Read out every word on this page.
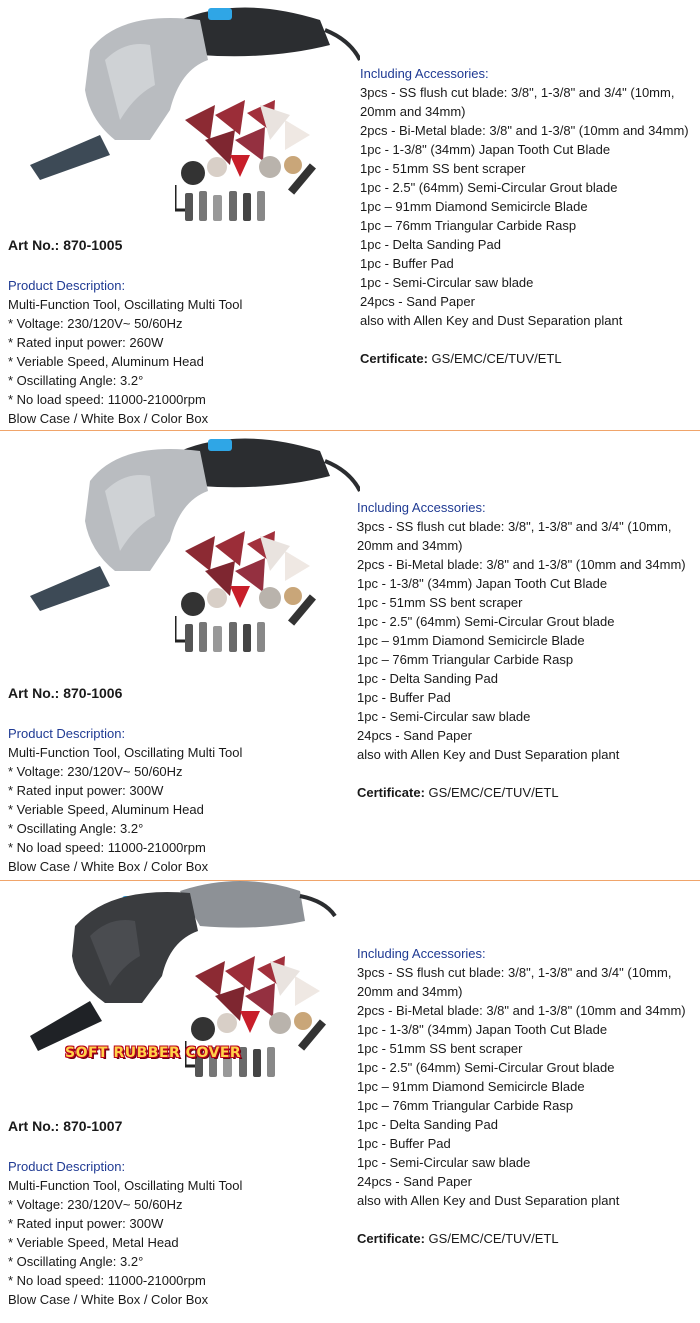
Art No.: 870-1005

Product Description:
Multi-Function Tool, Oscillating Multi Tool
* Voltage: 230/120V~ 50/60Hz
* Rated input power: 260W
* Veriable Speed, Aluminum Head
* Oscillating Angle: 3.2°
* No load speed: 11000-21000rpm
Blow Case / White Box / Color Box
Including Accessories:
3pcs - SS flush cut blade: 3/8", 1-3/8" and 3/4" (10mm, 20mm and 34mm)
2pcs - Bi-Metal blade: 3/8" and 1-3/8" (10mm and 34mm)
1pc - 1-3/8" (34mm) Japan Tooth Cut Blade
1pc - 51mm SS bent scraper
1pc - 2.5" (64mm) Semi-Circular Grout blade
1pc – 91mm Diamond Semicircle Blade
1pc – 76mm Triangular Carbide Rasp
1pc - Delta Sanding Pad
1pc - Buffer Pad
1pc - Semi-Circular saw blade
24pcs - Sand Paper
also with Allen Key and Dust Separation plant
Certificate: GS/EMC/CE/TUV/ETL

Art No.: 870-1006

Product Description:
Multi-Function Tool, Oscillating Multi Tool
* Voltage: 230/120V~ 50/60Hz
* Rated input power: 300W
* Veriable Speed, Aluminum Head
* Oscillating Angle: 3.2°
* No load speed: 11000-21000rpm
Blow Case / White Box / Color Box
Including Accessories:
3pcs - SS flush cut blade: 3/8", 1-3/8" and 3/4" (10mm, 20mm and 34mm)
2pcs - Bi-Metal blade: 3/8" and 1-3/8" (10mm and 34mm)
1pc - 1-3/8" (34mm) Japan Tooth Cut Blade
1pc - 51mm SS bent scraper
1pc - 2.5" (64mm) Semi-Circular Grout blade
1pc – 91mm Diamond Semicircle Blade
1pc – 76mm Triangular Carbide Rasp
1pc - Delta Sanding Pad
1pc - Buffer Pad
1pc - Semi-Circular saw blade
24pcs - Sand Paper
also with Allen Key and Dust Separation plant
Certificate: GS/EMC/CE/TUV/ETL
SOFT RUBBER COVER

Art No.: 870-1007

Product Description:
Multi-Function Tool, Oscillating Multi Tool
* Voltage: 230/120V~ 50/60Hz
* Rated input power: 300W
* Veriable Speed, Metal Head
* Oscillating Angle: 3.2°
* No load speed: 11000-21000rpm
Blow Case / White Box / Color Box
Including Accessories:
3pcs - SS flush cut blade: 3/8", 1-3/8" and 3/4" (10mm, 20mm and 34mm)
2pcs - Bi-Metal blade: 3/8" and 1-3/8" (10mm and 34mm)
1pc - 1-3/8" (34mm) Japan Tooth Cut Blade
1pc - 51mm SS bent scraper
1pc - 2.5" (64mm) Semi-Circular Grout blade
1pc – 91mm Diamond Semicircle Blade
1pc – 76mm Triangular Carbide Rasp
1pc - Delta Sanding Pad
1pc - Buffer Pad
1pc - Semi-Circular saw blade
24pcs - Sand Paper
also with Allen Key and Dust Separation plant
Certificate: GS/EMC/CE/TUV/ETL
